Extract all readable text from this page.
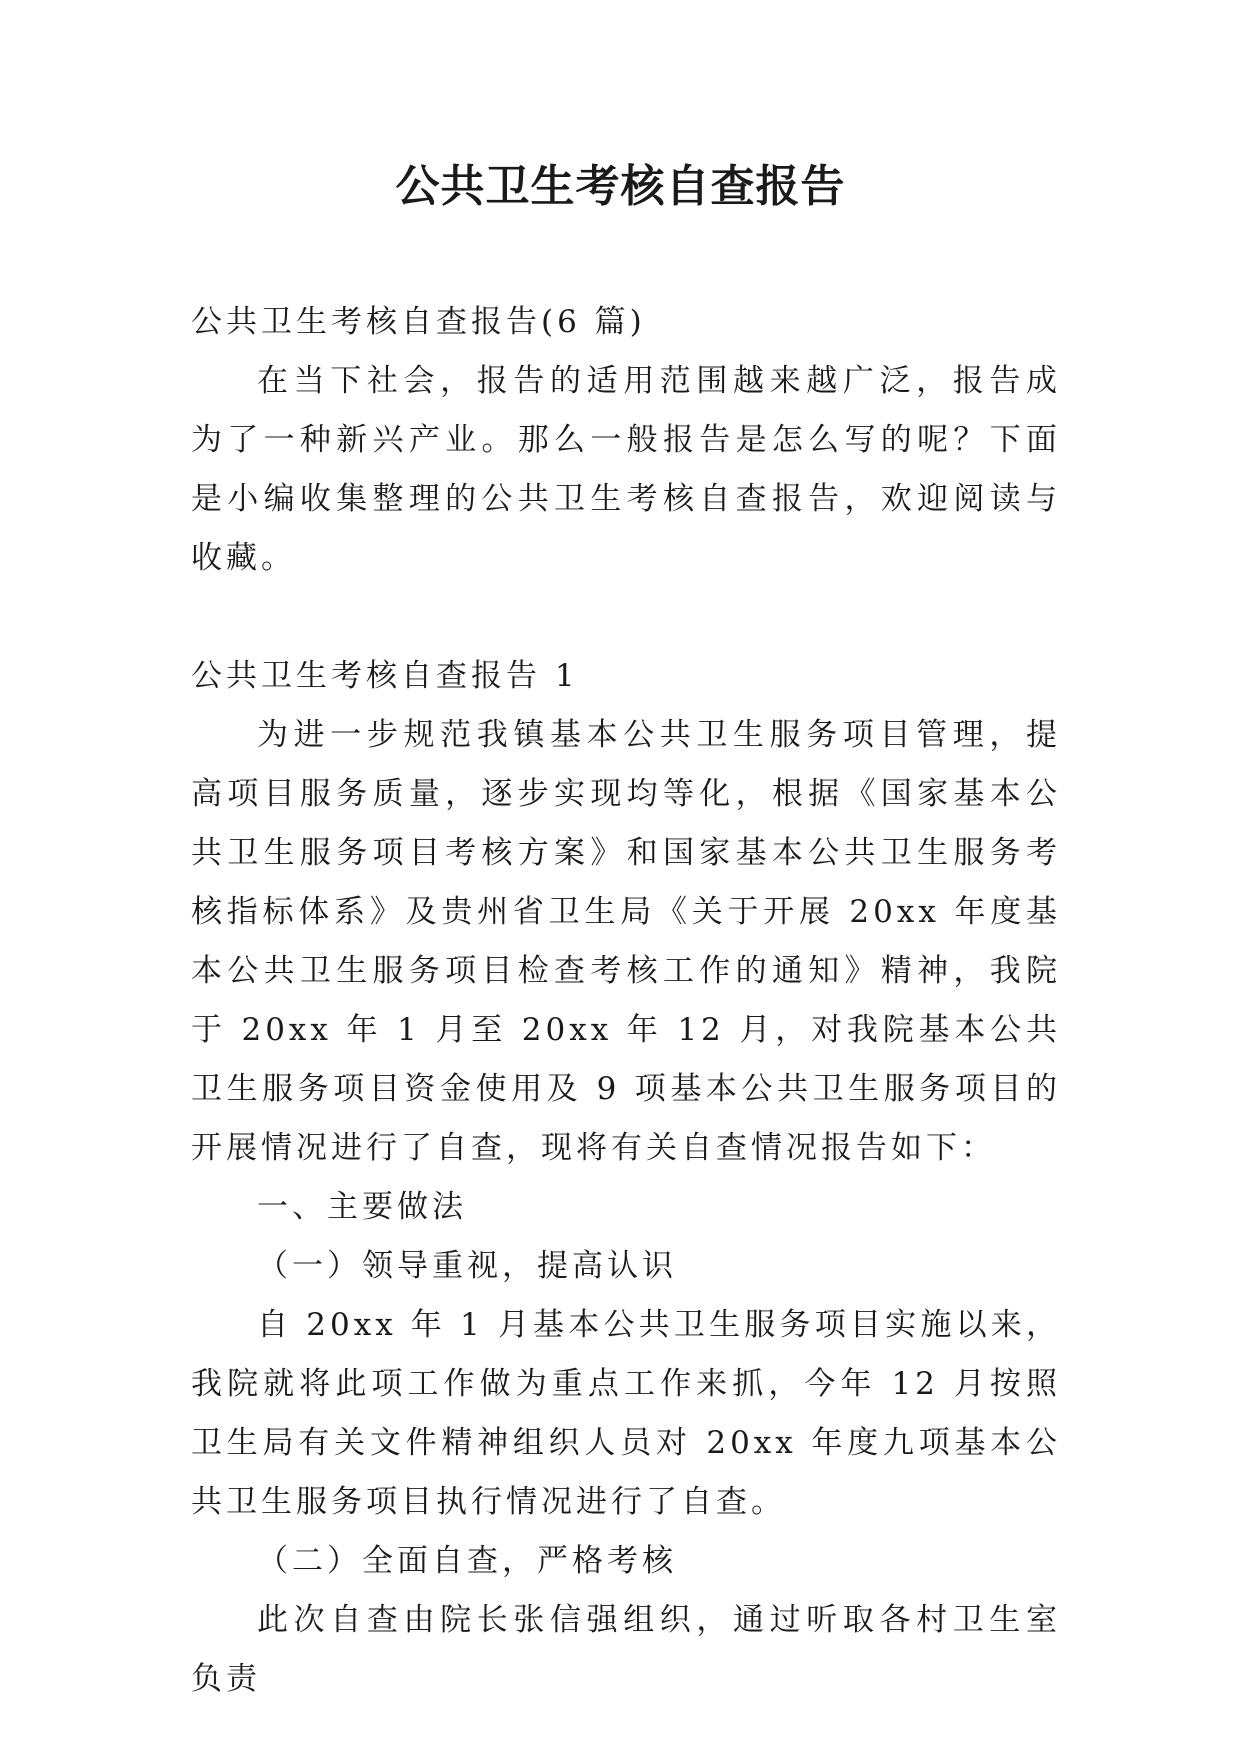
公共卫生考核自查报告

公共卫生考核自查报告(6 篇)

在当下社会，报告的适用范围越来越广泛，报告成为了一种新兴产业。那么一般报告是怎么写的呢？下面是小编收集整理的公共卫生考核自查报告，欢迎阅读与收藏。

公共卫生考核自查报告 1

为进一步规范我镇基本公共卫生服务项目管理，提高项目服务质量，逐步实现均等化，根据《国家基本公共卫生服务项目考核方案》和国家基本公共卫生服务考核指标体系》及贵州省卫生局《关于开展 20xx 年度基本公共卫生服务项目检查考核工作的通知》精神，我院于 20xx 年 1 月至 20xx 年 12 月，对我院基本公共卫生服务项目资金使用及 9 项基本公共卫生服务项目的开展情况进行了自查，现将有关自查情况报告如下：

一、主要做法

（一）领导重视，提高认识

自 20xx 年 1 月基本公共卫生服务项目实施以来，我院就将此项工作做为重点工作来抓，今年 12 月按照卫生局有关文件精神组织人员对 20xx 年度九项基本公共卫生服务项目执行情况进行了自查。

（二）全面自查，严格考核

此次自查由院长张信强组织，通过听取各村卫生室负责
